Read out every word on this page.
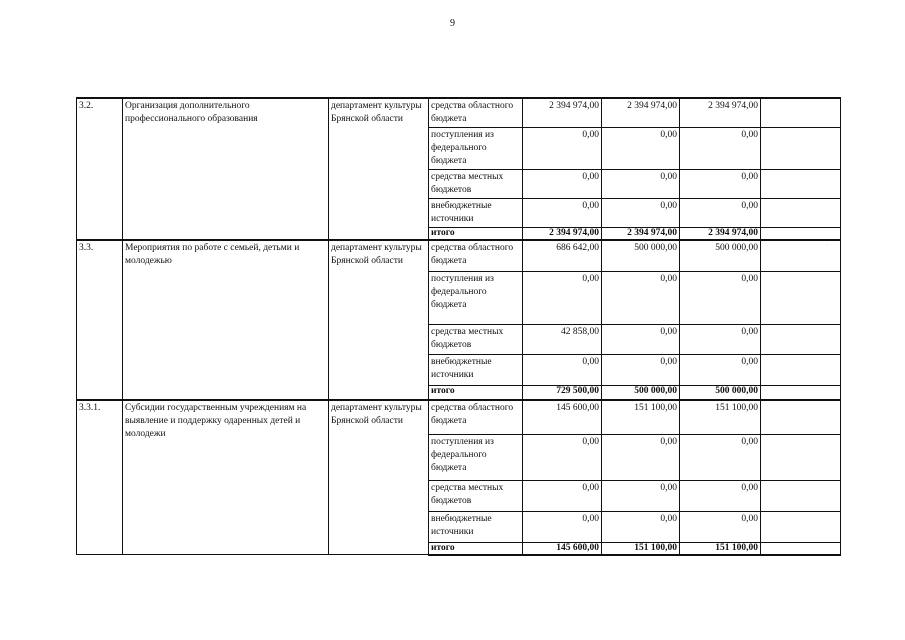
9
·
3.2.	Организация дополнительного профессионального образования	департамент культуры Брянской области	средства областного бюджета	2 394 974,00	2 394 974,00	2 394 974,00	
			поступления из федерального бюджета	0,00	0,00	0,00	
			средства местных бюджетов	0,00	0,00	0,00	
			внебюджетные источники	0,00	0,00	0,00	
			итого	2 394 974,00	2 394 974,00	2 394 974,00	
3.3.	Мероприятия по работе с семьей, детьми и молодежью	департамент культуры Брянской области	средства областного бюджета	686 642,00	500 000,00	500 000,00	
			поступления из федерального бюджета	0,00	0,00	0,00	
			средства местных бюджетов	42 858,00	0,00	0,00	
			внебюджетные источники	0,00	0,00	0,00	
			итого	729 500,00	500 000,00	500 000,00	
3.3.1.	Субсидии государственным учреждениям на выявление и поддержку одаренных детей и молодежи	департамент культуры Брянской области	средства областного бюджета	145 600,00	151 100,00	151 100,00	
			поступления из федерального бюджета	0,00	0,00	0,00	
			средства местных бюджетов	0,00	0,00	0,00	
			внебюджетные источники	0,00	0,00	0,00	
			итого	145 600,00	151 100,00	151 100,00	
